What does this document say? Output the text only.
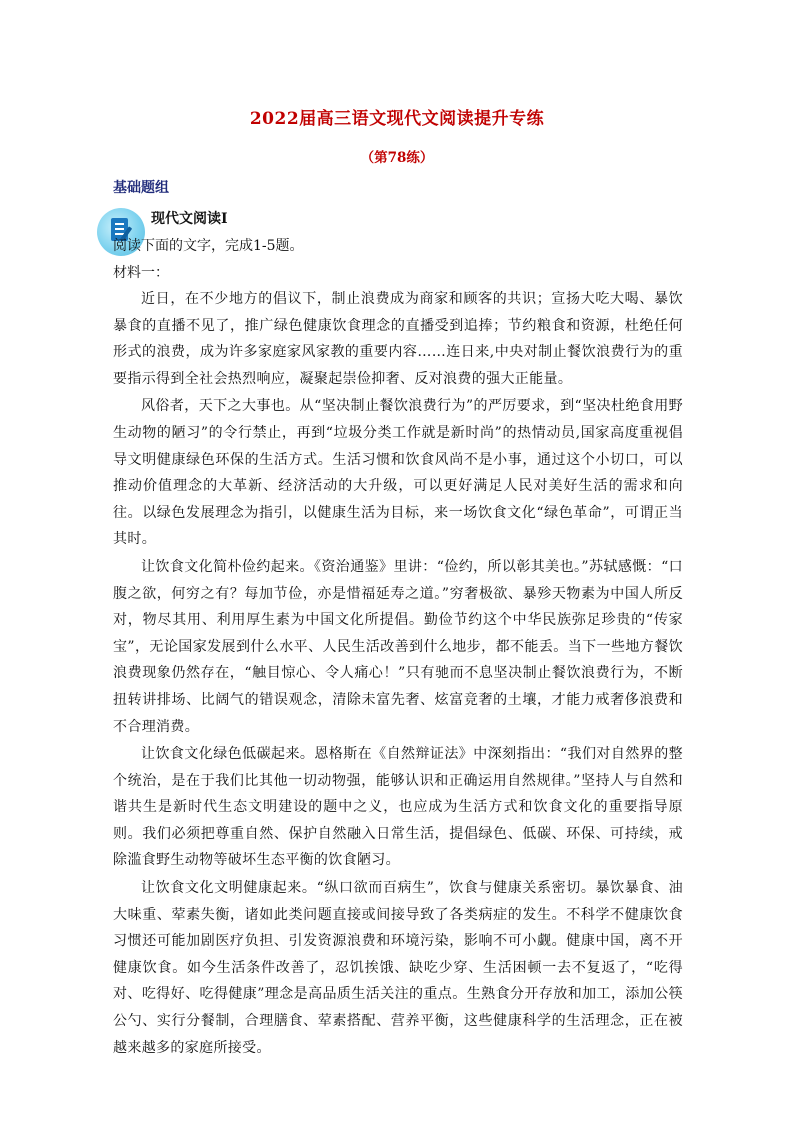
2022届高三语文现代文阅读提升专练
（第78练）
基础题组
现代文阅读Ⅰ

阅读下面的文字，完成1-5题。

材料一：

近日，在不少地方的倡议下，制止浪费成为商家和顾客的共识；宣扬大吃大喝、暴饮暴食的直播不见了，推广绿色健康饮食理念的直播受到追捧；节约粮食和资源，杜绝任何形式的浪费，成为许多家庭家风家教的重要内容……连日来,中央对制止餐饮浪费行为的重要指示得到全社会热烈响应，凝聚起崇俭抑奢、反对浪费的强大正能量。

风俗者，天下之大事也。从“坚决制止餐饮浪费行为”的严厉要求，到“坚决杜绝食用野生动物的陋习”的令行禁止，再到“垃圾分类工作就是新时尚”的热情动员,国家高度重视倡导文明健康绿色环保的生活方式。生活习惯和饮食风尚不是小事，通过这个小切口，可以推动价值理念的大革新、经济活动的大升级，可以更好满足人民对美好生活的需求和向往。以绿色发展理念为指引，以健康生活为目标，来一场饮食文化“绿色革命”，可谓正当其时。

让饮食文化简朴俭约起来。《资治通鉴》里讲：“俭约，所以彰其美也。”苏轼感慨：“口腹之欲，何穷之有？每加节俭，亦是惜福延寿之道。”穷奢极欲、暴殄天物素为中国人所反对，物尽其用、利用厚生素为中国文化所提倡。勤俭节约这个中华民族弥足珍贵的“传家宝”，无论国家发展到什么水平、人民生活改善到什么地步，都不能丢。当下一些地方餐饮浪费现象仍然存在，“触目惊心、令人痛心！”只有驰而不息坚决制止餐饮浪费行为，不断扭转讲排场、比阔气的错误观念，清除未富先奢、炫富竞奢的土壤，才能力戒奢侈浪费和不合理消费。

让饮食文化绿色低碳起来。恩格斯在《自然辩证法》中深刻指出：“我们对自然界的整个统治，是在于我们比其他一切动物强，能够认识和正确运用自然规律。”坚持人与自然和谐共生是新时代生态文明建设的题中之义，也应成为生活方式和饮食文化的重要指导原则。我们必须把尊重自然、保护自然融入日常生活，提倡绿色、低碳、环保、可持续，戒除滥食野生动物等破坏生态平衡的饮食陋习。

让饮食文化文明健康起来。“纵口欲而百病生”，饮食与健康关系密切。暴饮暴食、油大味重、荤素失衡，诸如此类问题直接或间接导致了各类病症的发生。不科学不健康饮食习惯还可能加剧医疗负担、引发资源浪费和环境污染，影响不可小觑。健康中国，离不开健康饮食。如今生活条件改善了，忍饥挨饿、缺吃少穿、生活困顿一去不复返了，“吃得对、吃得好、吃得健康”理念是高品质生活关注的重点。生熟食分开存放和加工，添加公筷公勺、实行分餐制，合理膳食、荤素搭配、营养平衡，这些健康科学的生活理念，正在被越来越多的家庭所接受。
